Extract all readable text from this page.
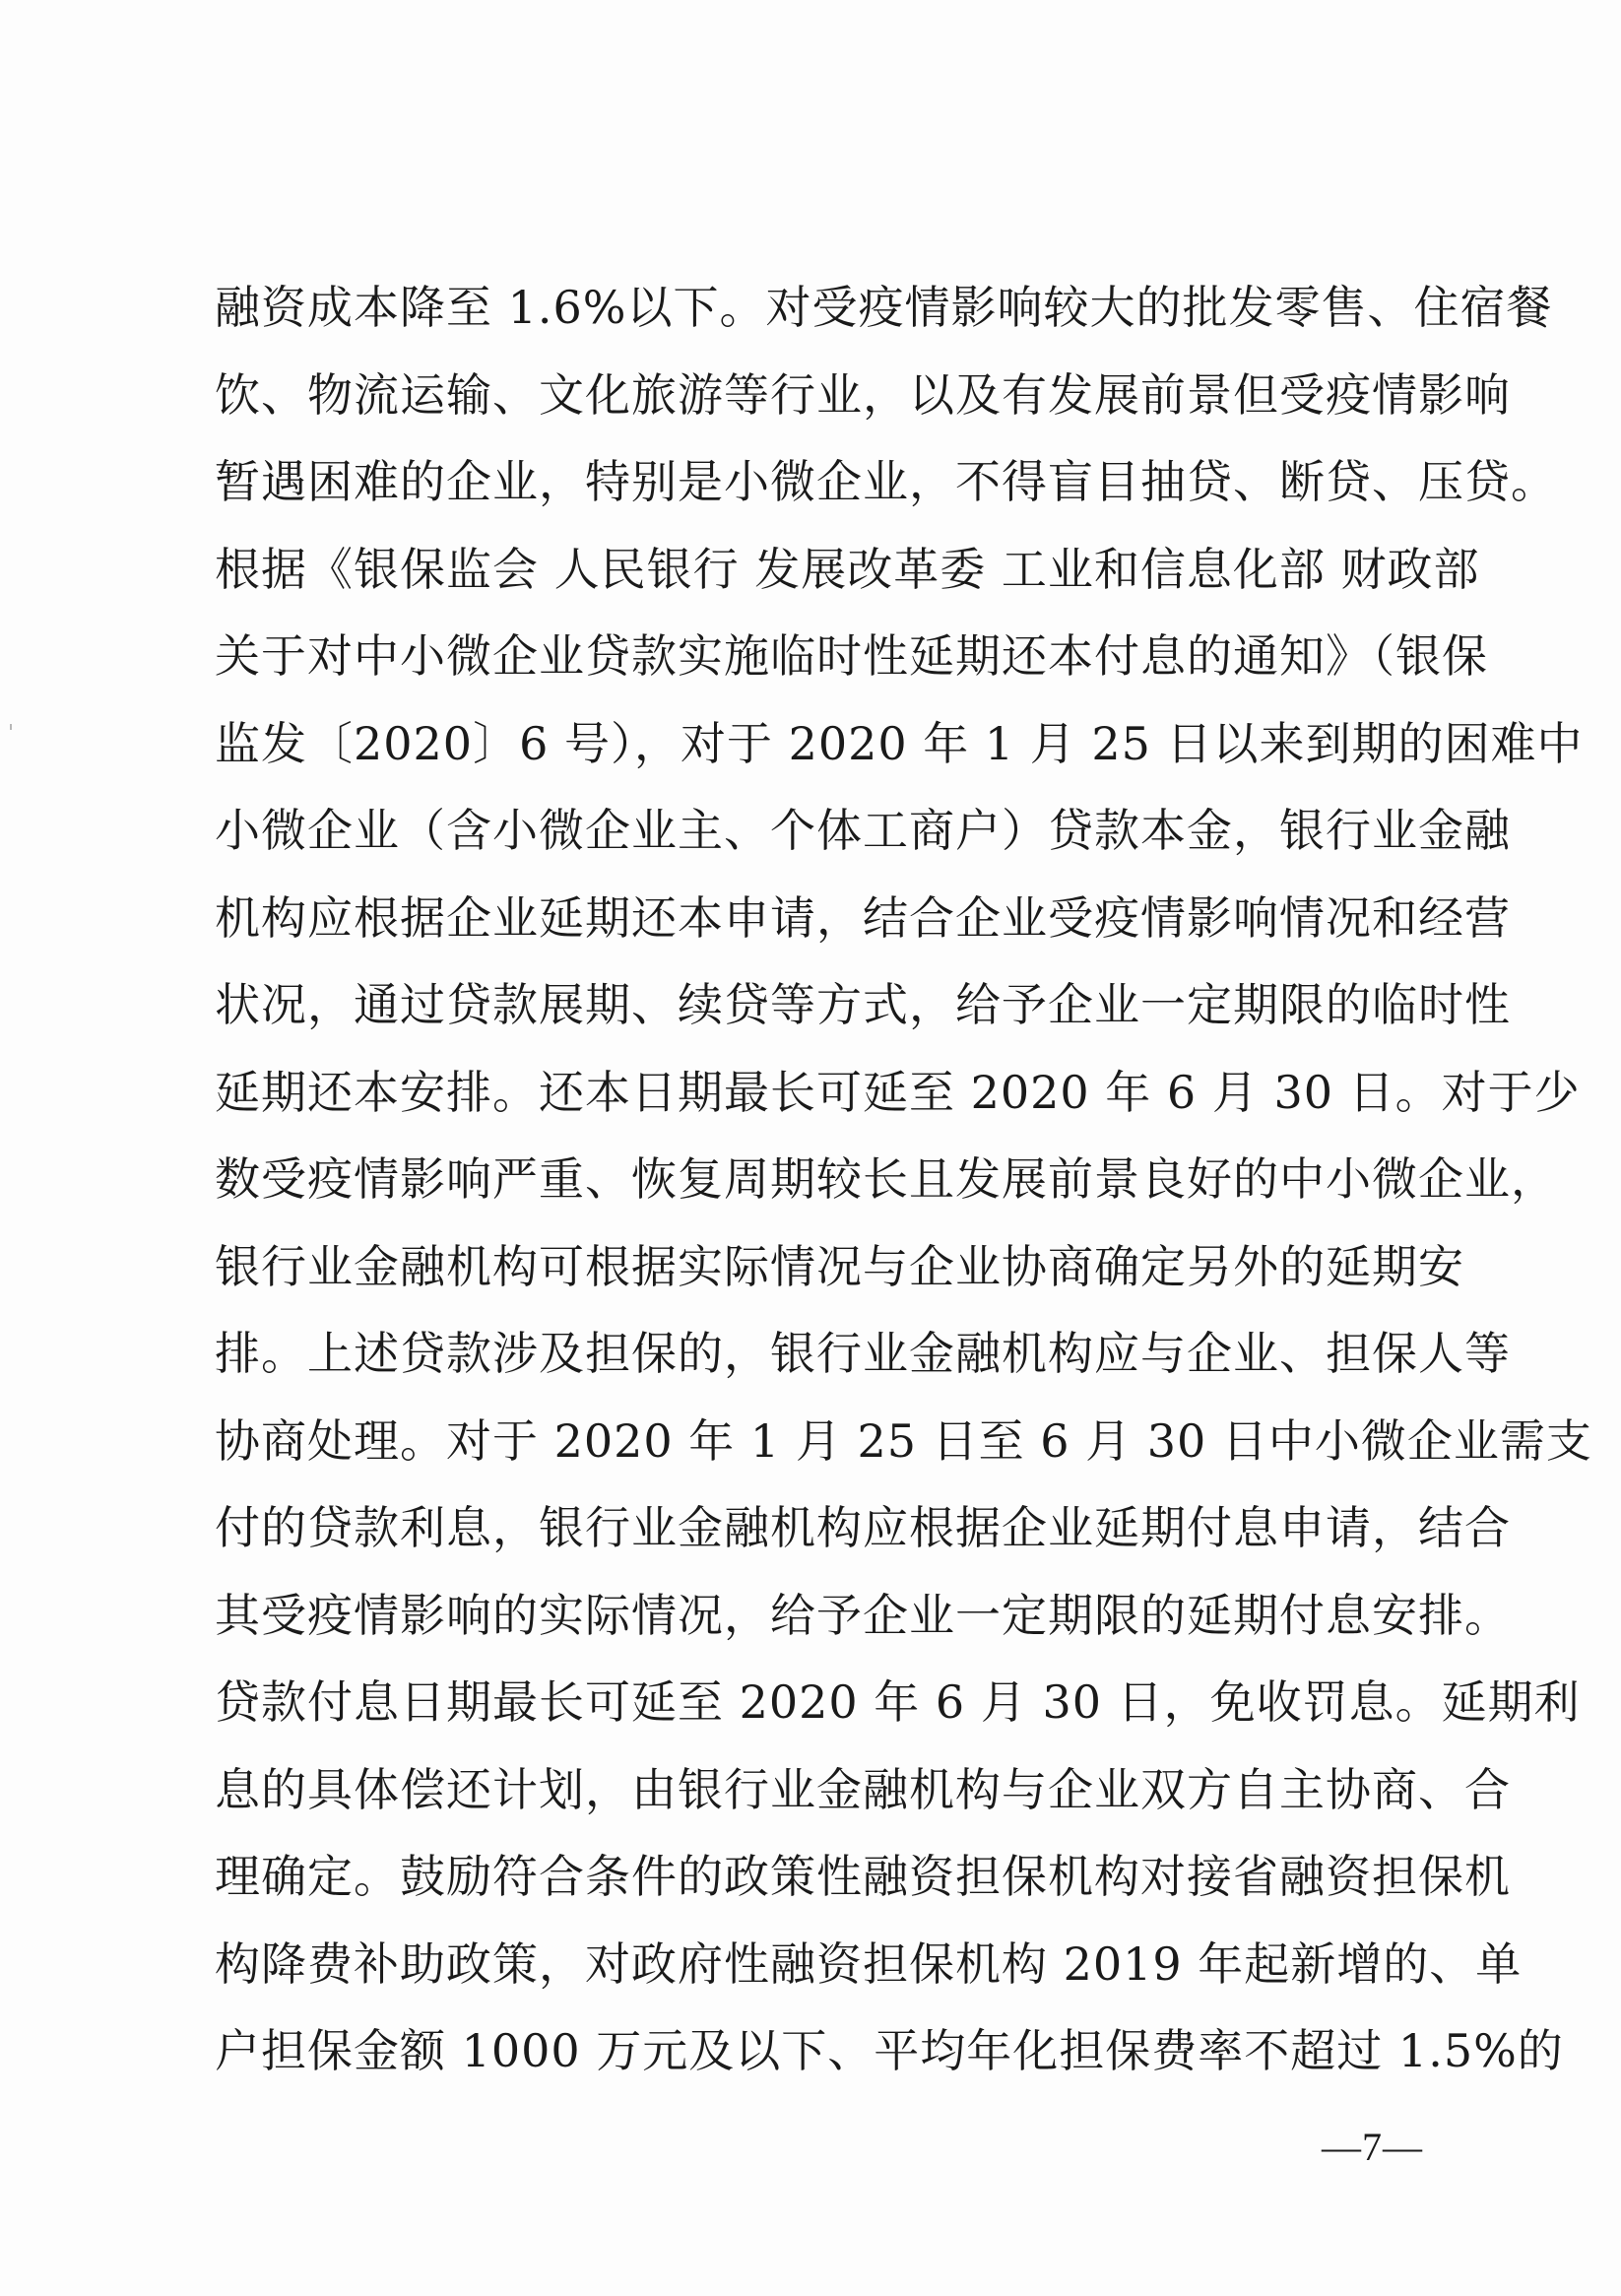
融资成本降至 1.6%以下。对受疫情影响较大的批发零售、住宿餐
饮、物流运输、文化旅游等行业，以及有发展前景但受疫情影响
暂遇困难的企业，特别是小微企业，不得盲目抽贷、断贷、压贷。
根据《银保监会 人民银行 发展改革委 工业和信息化部 财政部
关于对中小微企业贷款实施临时性延期还本付息的通知》（银保
监发〔2020〕6 号），对于 2020 年 1 月 25 日以来到期的困难中
小微企业（含小微企业主、个体工商户）贷款本金，银行业金融
机构应根据企业延期还本申请，结合企业受疫情影响情况和经营
状况，通过贷款展期、续贷等方式，给予企业一定期限的临时性
延期还本安排。还本日期最长可延至 2020 年 6 月 30 日。对于少
数受疫情影响严重、恢复周期较长且发展前景良好的中小微企业，
银行业金融机构可根据实际情况与企业协商确定另外的延期安
排。上述贷款涉及担保的，银行业金融机构应与企业、担保人等
协商处理。对于 2020 年 1 月 25 日至 6 月 30 日中小微企业需支
付的贷款利息，银行业金融机构应根据企业延期付息申请，结合
其受疫情影响的实际情况，给予企业一定期限的延期付息安排。
贷款付息日期最长可延至 2020 年 6 月 30 日，免收罚息。延期利
息的具体偿还计划，由银行业金融机构与企业双方自主协商、合
理确定。鼓励符合条件的政策性融资担保机构对接省融资担保机
构降费补助政策，对政府性融资担保机构 2019 年起新增的、单
户担保金额 1000 万元及以下、平均年化担保费率不超过 1.5%的
—7—
